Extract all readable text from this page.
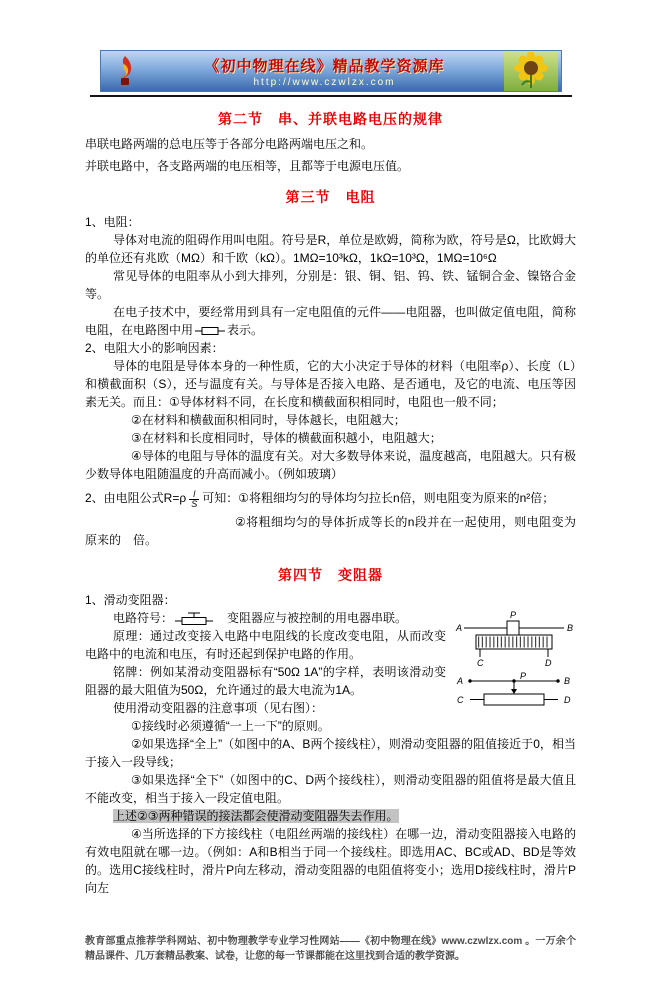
《初中物理在线》精品教学资源库
http://www.czwlzx.com
第二节　串、并联电路电压的规律

串联电路两端的总电压等于各部分电路两端电压之和。

并联电路中，各支路两端的电压相等，且都等于电源电压值。

第三节　电阻

1、电阻：

导体对电流的阻碍作用叫电阻。符号是R，单位是欧姆，简称为欧，符号是Ω，比欧姆大的单位还有兆欧（MΩ）和千欧（kΩ）。1MΩ=10³kΩ，1kΩ=10³Ω，1MΩ=10⁶Ω

常见导体的电阻率从小到大排列，分别是：银、铜、铝、钨、铁、锰铜合金、镍铬合金等。

在电子技术中，要经常用到具有一定电阻值的元件——电阻器，也叫做定值电阻，简称电阻，在电路图中用	表示。

2、电阻大小的影响因素：

导体的电阻是导体本身的一种性质，它的大小决定于导体的材料（电阻率ρ）、长度（L）和横截面积（S），还与温度有关。与导体是否接入电路、是否通电，及它的电流、电压等因素无关。而且：①导体材料不同，在长度和横截面积相同时，电阻也一般不同；

②在材料和横截面积相同时，导体越长，电阻越大；

③在材料和长度相同时，导体的横截面积越小，电阻越大；

④导体的电阻与导体的温度有关。对大多数导体来说，温度越高，电阻越大。只有极少数导体电阻随温度的升高而减小。（例如玻璃）

2、由电阻公式$R=\rho \frac{l}{S}$ 可知：①将粗细均匀的导体均匀拉长n倍，则电阻变为原来的n²倍；

②将粗细均匀的导体折成等长的n段并在一起使用，则电阻变为原来的　倍。

第四节　变阻器

1、滑动变阻器：

P
A	B
C	D
A	B
P
C	D

电路符号：	　变阻器应与被控制的用电器串联。

原理：通过改变接入电路中电阻线的长度改变电阻，从而改变电路中的电流和电压，有时还起到保护电路的作用。

铭牌：例如某滑动变阻器标有“50Ω 1A”的字样，表明该滑动变阻器的最大阻值为50Ω，允许通过的最大电流为1A。

使用滑动变阻器的注意事项（见右图）：

①接线时必须遵循“一上一下”的原则。

②如果选择“全上”（如图中的A、B两个接线柱），则滑动变阻器的阻值接近于0，相当于接入一段导线；

③如果选择“全下”（如图中的C、D两个接线柱），则滑动变阻器的阻值将是最大值且不能改变，相当于接入一段定值电阻。

上述②③两种错误的接法都会使滑动变阻器失去作用。

④当所选择的下方接线柱（电阻丝两端的接线柱）在哪一边，滑动变阻器接入电路的有效电阻就在哪一边。（例如：A和B相当于同一个接线柱。即选用AC、BC或AD、BD是等效的。选用C接线柱时，滑片P向左移动，滑动变阻器的电阻值将变小；选用D接线柱时，滑片P向左

教育部重点推荐学科网站、初中物理教学专业学习性网站——《初中物理在线》www.czwlzx.com 。一万余个精品课件、几万套精品教案、试卷，让您的每一节课都能在这里找到合适的教学资源。
